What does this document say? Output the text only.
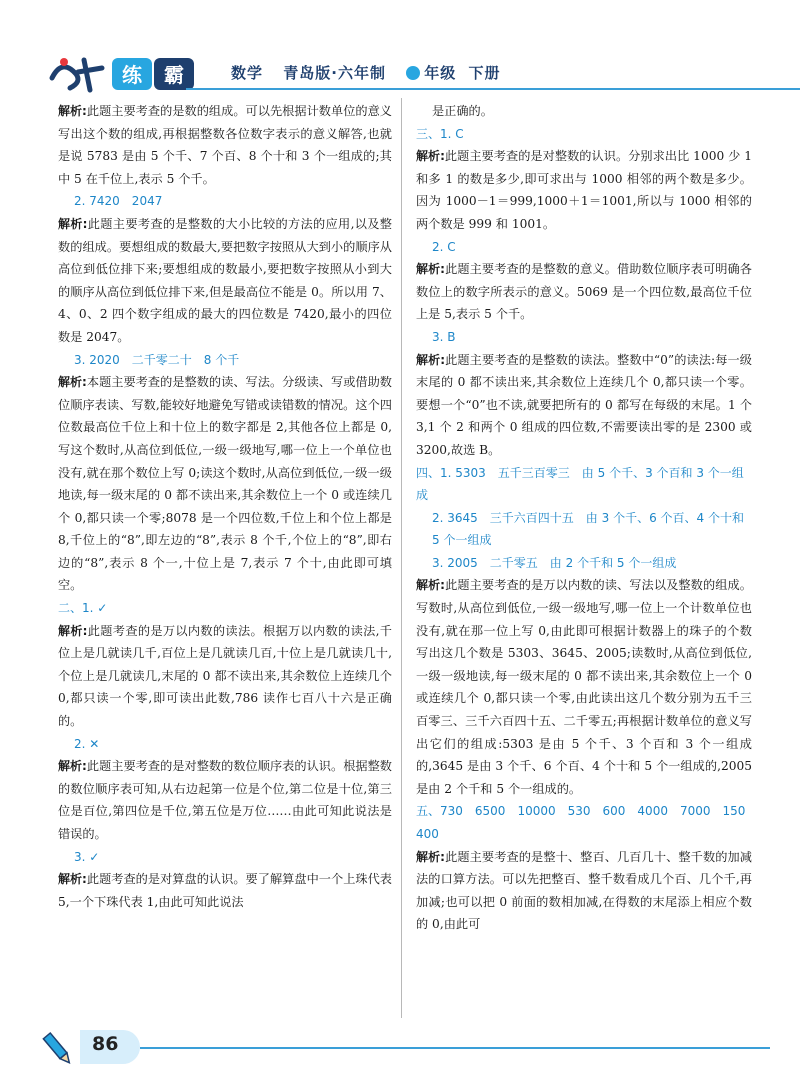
练 霸	数学 青岛版·六年制	年级 下册
解析:此题主要考查的是数的组成。可以先根据计数单位的意义写出这个数的组成,再根据整数各位数字表示的意义解答,也就是说 5783 是由 5 个千、7 个百、8 个十和 3 个一组成的;其中 5 在千位上,表示 5 个千。
2. 7420　2047
解析:此题主要考查的是整数的大小比较的方法的应用,以及整数的组成。要想组成的数最大,要把数字按照从大到小的顺序从高位到低位排下来;要想组成的数最小,要把数字按照从小到大的顺序从高位到低位排下来,但是最高位不能是 0。所以用 7、4、0、2 四个数字组成的最大的四位数是 7420,最小的四位数是 2047。
3. 2020　二千零二十　8 个千
解析:本题主要考查的是整数的读、写法。分级读、写或借助数位顺序表读、写数,能较好地避免写错或读错数的情况。这个四位数最高位千位上和十位上的数字都是 2,其他各位上都是 0,写这个数时,从高位到低位,一级一级地写,哪一位上一个单位也没有,就在那个数位上写 0;读这个数时,从高位到低位,一级一级地读,每一级末尾的 0 都不读出来,其余数位上一个 0 或连续几个 0,都只读一个零;8078 是一个四位数,千位上和个位上都是 8,千位上的“8”,即左边的“8”,表示 8 个千,个位上的“8”,即右边的“8”,表示 8 个一,十位上是 7,表示 7 个十,由此即可填空。
二、1. ✓
解析:此题考查的是万以内数的读法。根据万以内数的读法,千位上是几就读几千,百位上是几就读几百,十位上是几就读几十,个位上是几就读几,末尾的 0 都不读出来,其余数位上连续几个 0,都只读一个零,即可读出此数,786 读作七百八十六是正确的。
2. ✕
解析:此题主要考查的是对整数的数位顺序表的认识。根据整数的数位顺序表可知,从右边起第一位是个位,第二位是十位,第三位是百位,第四位是千位,第五位是万位……由此可知此说法是错误的。
3. ✓
解析:此题考查的是对算盘的认识。要了解算盘中一个上珠代表 5,一个下珠代表 1,由此可知此说法
是正确的。
三、1. C
解析:此题主要考查的是对整数的认识。分别求出比 1000 少 1 和多 1 的数是多少,即可求出与 1000 相邻的两个数是多少。因为 1000－1＝999,1000＋1＝1001,所以与 1000 相邻的两个数是 999 和 1001。
2. C
解析:此题主要考查的是整数的意义。借助数位顺序表可明确各数位上的数字所表示的意义。5069 是一个四位数,最高位千位上是 5,表示 5 个千。
3. B
解析:此题主要考查的是整数的读法。整数中“0”的读法:每一级末尾的 0 都不读出来,其余数位上连续几个 0,都只读一个零。要想一个“0”也不读,就要把所有的 0 都写在每级的末尾。1 个 3,1 个 2 和两个 0 组成的四位数,不需要读出零的是 2300 或 3200,故选 B。
四、1. 5303　五千三百零三　由 5 个千、3 个百和 3 个一组成
2. 3645　三千六百四十五　由 3 个千、6 个百、4 个十和 5 个一组成
3. 2005　二千零五　由 2 个千和 5 个一组成
解析:此题主要考查的是万以内数的读、写法以及整数的组成。写数时,从高位到低位,一级一级地写,哪一位上一个计数单位也没有,就在那一位上写 0,由此即可根据计数器上的珠子的个数写出这几个数是 5303、3645、2005;读数时,从高位到低位,一级一级地读,每一级末尾的 0 都不读出来,其余数位上一个 0 或连续几个 0,都只读一个零,由此读出这几个数分别为五千三百零三、三千六百四十五、二千零五;再根据计数单位的意义写出它们的组成:5303 是由 5 个千、3 个百和 3 个一组成的,3645 是由 3 个千、6 个百、4 个十和 5 个一组成的,2005 是由 2 个千和 5 个一组成的。
五、730　6500　10000　530　600　4000　7000　150　400
解析:此题主要考查的是整十、整百、几百几十、整千数的加减法的口算方法。可以先把整百、整千数看成几个百、几个千,再加减;也可以把 0 前面的数相加减,在得数的末尾添上相应个数的 0,由此可
86
